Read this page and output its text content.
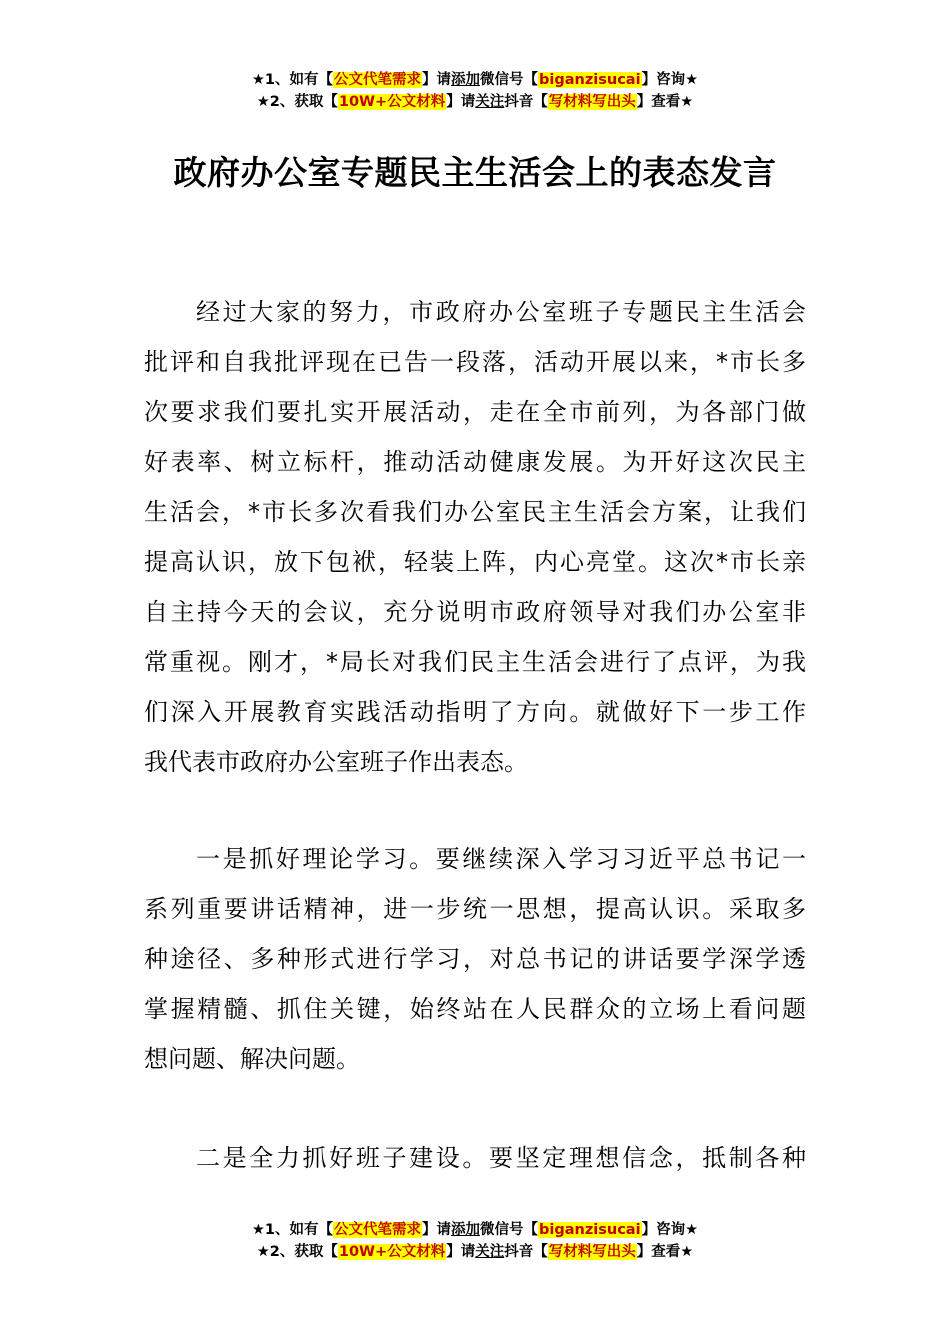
★1、如有【公文代笔需求】请添加微信号【biganzisucai】咨询★
★2、获取【10W+公文材料】请关注抖音【写材料写出头】查看★
政府办公室专题民主生活会上的表态发言
经过大家的努力，市政府办公室班子专题民主生活会
批评和自我批评现在已告一段落，活动开展以来，*市长多
次要求我们要扎实开展活动，走在全市前列，为各部门做
好表率、树立标杆，推动活动健康发展。为开好这次民主
生活会，*市长多次看我们办公室民主生活会方案，让我们
提高认识，放下包袱，轻装上阵，内心亮堂。这次*市长亲
自主持今天的会议，充分说明市政府领导对我们办公室非
常重视。刚才，*局长对我们民主生活会进行了点评，为我
们深入开展教育实践活动指明了方向。就做好下一步工作
我代表市政府办公室班子作出表态。
一是抓好理论学习。要继续深入学习习近平总书记一
系列重要讲话精神，进一步统一思想，提高认识。采取多
种途径、多种形式进行学习，对总书记的讲话要学深学透
掌握精髓、抓住关键，始终站在人民群众的立场上看问题
想问题、解决问题。
二是全力抓好班子建设。要坚定理想信念，抵制各种
★1、如有【公文代笔需求】请添加微信号【biganzisucai】咨询★
★2、获取【10W+公文材料】请关注抖音【写材料写出头】查看★
